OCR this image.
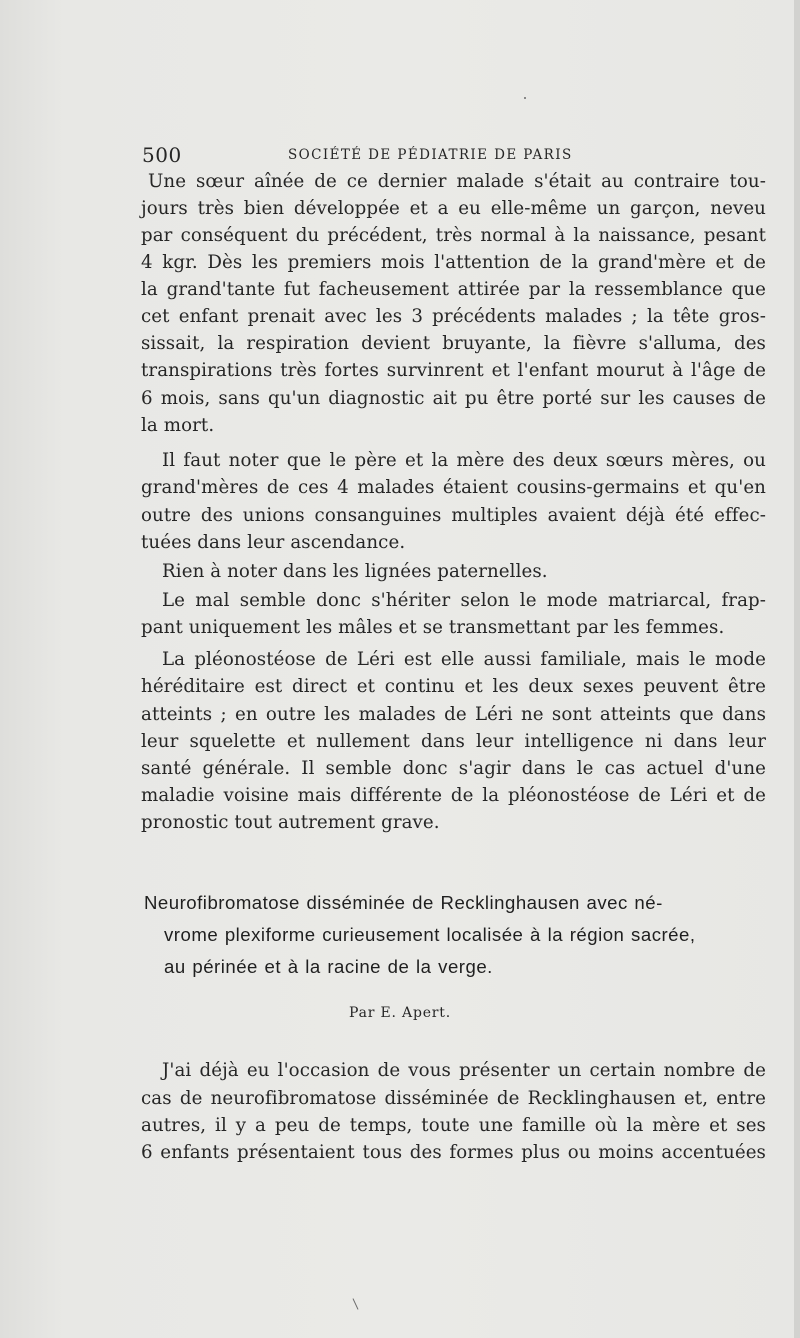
500	SOCIÉTÉ DE PÉDIATRIE DE PARIS
Une sœur aînée de ce dernier malade s'était au contraire tou-
jours très bien développée et a eu elle-même un garçon, neveu
par conséquent du précédent, très normal à la naissance, pesant
4 kgr. Dès les premiers mois l'attention de la grand'mère et de
la grand'tante fut facheusement attirée par la ressemblance que
cet enfant prenait avec les 3 précédents malades ; la tête gros-
sissait, la respiration devient bruyante, la fièvre s'alluma, des
transpirations très fortes survinrent et l'enfant mourut à l'âge de
6 mois, sans qu'un diagnostic ait pu être porté sur les causes de
la mort.
Il faut noter que le père et la mère des deux sœurs mères, ou
grand'mères de ces 4 malades étaient cousins-germains et qu'en
outre des unions consanguines multiples avaient déjà été effec-
tuées dans leur ascendance.
Rien à noter dans les lignées paternelles.
Le mal semble donc s'hériter selon le mode matriarcal, frap-
pant uniquement les mâles et se transmettant par les femmes.
La pléonostéose de Léri est elle aussi familiale, mais le mode
héréditaire est direct et continu et les deux sexes peuvent être
atteints ; en outre les malades de Léri ne sont atteints que dans
leur squelette et nullement dans leur intelligence ni dans leur
santé générale. Il semble donc s'agir dans le cas actuel d'une
maladie voisine mais différente de la pléonostéose de Léri et de
pronostic tout autrement grave.
Neurofibromatose disséminée de Recklinghausen avec né-
vrome plexiforme curieusement localisée à la région sacrée,
au périnée et à la racine de la verge.
Par E. Apert.
J'ai déjà eu l'occasion de vous présenter un certain nombre de
cas de neurofibromatose disséminée de Recklinghausen et, entre
autres, il y a peu de temps, toute une famille où la mère et ses
6 enfants présentaient tous des formes plus ou moins accentuées
